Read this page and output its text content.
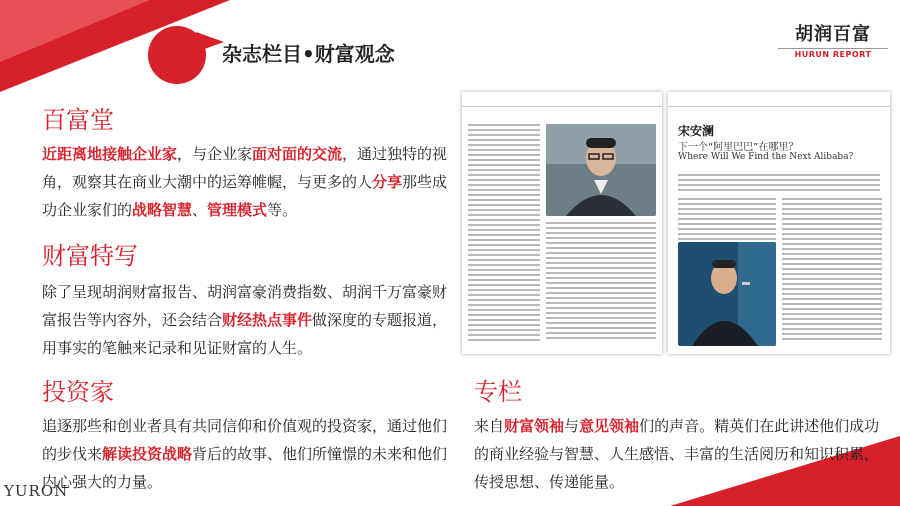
杂志栏目•财富观念
胡润百富
HURUN REPORT
百富堂
近距离地接触企业家，与企业家面对面的交流，通过独特的视角，观察其在商业大潮中的运筹帷幄，与更多的人分享那些成功企业家们的战略智慧、管理模式等。
财富特写
除了呈现胡润财富报告、胡润富豪消费指数、胡润千万富豪财富报告等内容外，还会结合财经热点事件做深度的专题报道，用事实的笔触来记录和见证财富的人生。
投资家
追逐那些和创业者具有共同信仰和价值观的投资家，通过他们的步伐来解读投资战略背后的故事、他们所憧憬的未来和他们内心强大的力量。
专栏
来自财富领袖与意见领袖们的声音。精英们在此讲述他们成功的商业经验与智慧、人生感悟、丰富的生活阅历和知识积累，传授思想、传递能量。

宋安澜
下一个“阿里巴巴”在哪里？
Where Will We Find the Next Alibaba?
YURON
